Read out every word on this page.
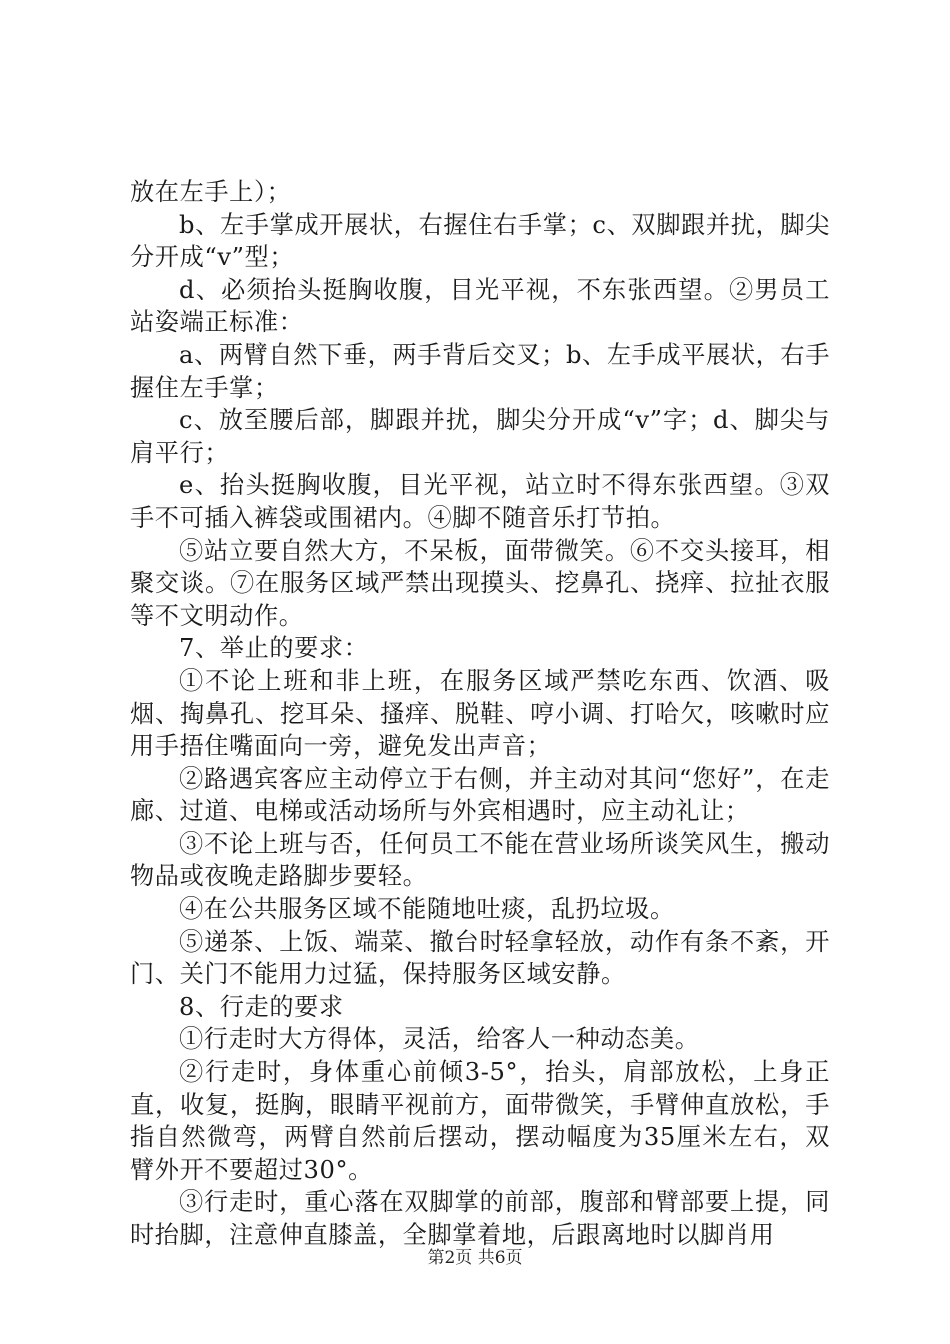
放在左手上）；

b、左手掌成开展状，右握住右手掌；c、双脚跟并扰，脚尖分开成“v”型；

d、必须抬头挺胸收腹，目光平视，不东张西望。②男员工站姿端正标准：

a、两臂自然下垂，两手背后交叉；b、左手成平展状，右手握住左手掌；

c、放至腰后部，脚跟并扰，脚尖分开成“v”字；d、脚尖与肩平行；

e、抬头挺胸收腹，目光平视，站立时不得东张西望。③双手不可插入裤袋或围裙内。④脚不随音乐打节拍。

⑤站立要自然大方，不呆板，面带微笑。⑥不交头接耳，相聚交谈。⑦在服务区域严禁出现摸头、挖鼻孔、挠痒、拉扯衣服等不文明动作。

7、举止的要求：

①不论上班和非上班，在服务区域严禁吃东西、饮酒、吸烟、掏鼻孔、挖耳朵、搔痒、脱鞋、哼小调、打哈欠，咳嗽时应用手捂住嘴面向一旁，避免发出声音；

②路遇宾客应主动停立于右侧，并主动对其问“您好”，在走廊、过道、电梯或活动场所与外宾相遇时，应主动礼让；

③不论上班与否，任何员工不能在营业场所谈笑风生，搬动物品或夜晚走路脚步要轻。

④在公共服务区域不能随地吐痰，乱扔垃圾。

⑤递茶、上饭、端菜、撤台时轻拿轻放，动作有条不紊，开门、关门不能用力过猛，保持服务区域安静。

8、行走的要求

①行走时大方得体，灵活，给客人一种动态美。

②行走时，身体重心前倾3-5°，抬头，肩部放松，上身正直，收复，挺胸，眼睛平视前方，面带微笑，手臂伸直放松，手指自然微弯，两臂自然前后摆动，摆动幅度为35厘米左右，双臂外开不要超过30°。

③行走时，重心落在双脚掌的前部，腹部和臂部要上提，同时抬脚，注意伸直膝盖，全脚掌着地，后跟离地时以脚肖用

第2页 共6页
